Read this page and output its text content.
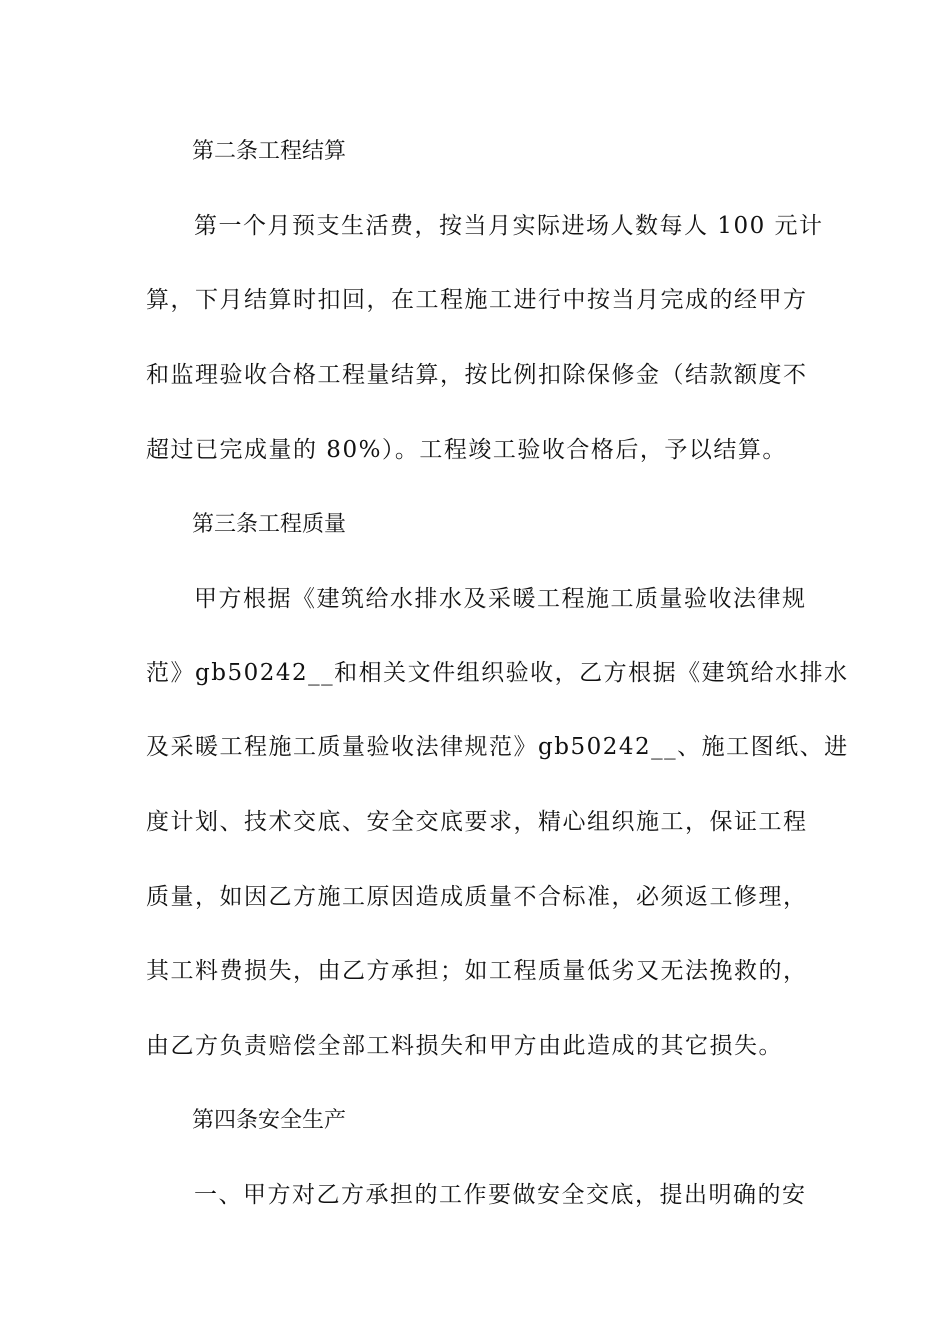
第二条工程结算
第一个月预支生活费，按当月实际进场人数每人 100 元计
算，下月结算时扣回，在工程施工进行中按当月完成的经甲方
和监理验收合格工程量结算，按比例扣除保修金（结款额度不
超过已完成量的 80%）。工程竣工验收合格后，予以结算。
第三条工程质量
甲方根据《建筑给水排水及采暖工程施工质量验收法律规
范》gb50242__和相关文件组织验收，乙方根据《建筑给水排水
及采暖工程施工质量验收法律规范》gb50242__、施工图纸、进
度计划、技术交底、安全交底要求，精心组织施工，保证工程
质量，如因乙方施工原因造成质量不合标准，必须返工修理，
其工料费损失，由乙方承担；如工程质量低劣又无法挽救的，
由乙方负责赔偿全部工料损失和甲方由此造成的其它损失。
第四条安全生产
一、甲方对乙方承担的工作要做安全交底，提出明确的安
